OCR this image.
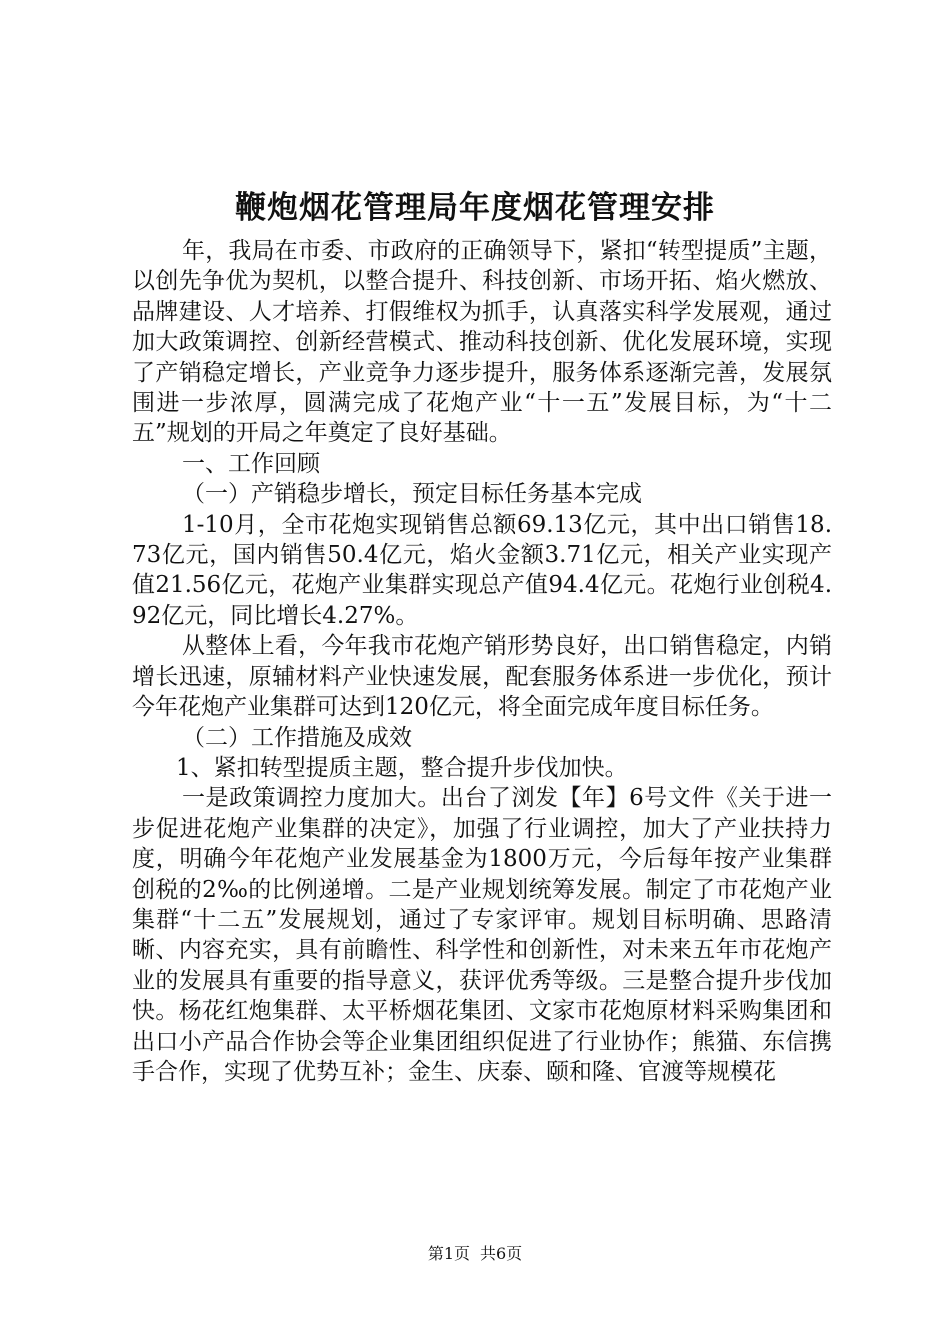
鞭炮烟花管理局年度烟花管理安排

年，我局在市委、市政府的正确领导下，紧扣“转型提质”主题，以创先争优为契机，以整合提升、科技创新、市场开拓、焰火燃放、品牌建设、人才培养、打假维权为抓手，认真落实科学发展观，通过加大政策调控、创新经营模式、推动科技创新、优化发展环境，实现了产销稳定增长，产业竞争力逐步提升，服务体系逐渐完善，发展氛围进一步浓厚，圆满完成了花炮产业“十一五”发展目标，为“十二五”规划的开局之年奠定了良好基础。

一、工作回顾

（一）产销稳步增长，预定目标任务基本完成

1-10月，全市花炮实现销售总额69.13亿元，其中出口销售18.73亿元，国内销售50.4亿元，焰火金额3.71亿元，相关产业实现产值21.56亿元，花炮产业集群实现总产值94.4亿元。花炮行业创税4.92亿元，同比增长4.27%。

从整体上看，今年我市花炮产销形势良好，出口销售稳定，内销增长迅速，原辅材料产业快速发展，配套服务体系进一步优化，预计今年花炮产业集群可达到120亿元，将全面完成年度目标任务。

（二）工作措施及成效

1、紧扣转型提质主题，整合提升步伐加快。

一是政策调控力度加大。出台了浏发【年】6号文件《关于进一步促进花炮产业集群的决定》，加强了行业调控，加大了产业扶持力度，明确今年花炮产业发展基金为1800万元，今后每年按产业集群创税的2‰的比例递增。二是产业规划统筹发展。制定了市花炮产业集群“十二五”发展规划，通过了专家评审。规划目标明确、思路清晰、内容充实，具有前瞻性、科学性和创新性，对未来五年市花炮产业的发展具有重要的指导意义，获评优秀等级。三是整合提升步伐加快。杨花红炮集群、太平桥烟花集团、文家市花炮原材料采购集团和出口小产品合作协会等企业集团组织促进了行业协作；熊猫、东信携手合作，实现了优势互补；金生、庆泰、颐和隆、官渡等规模花

第1页 共6页
